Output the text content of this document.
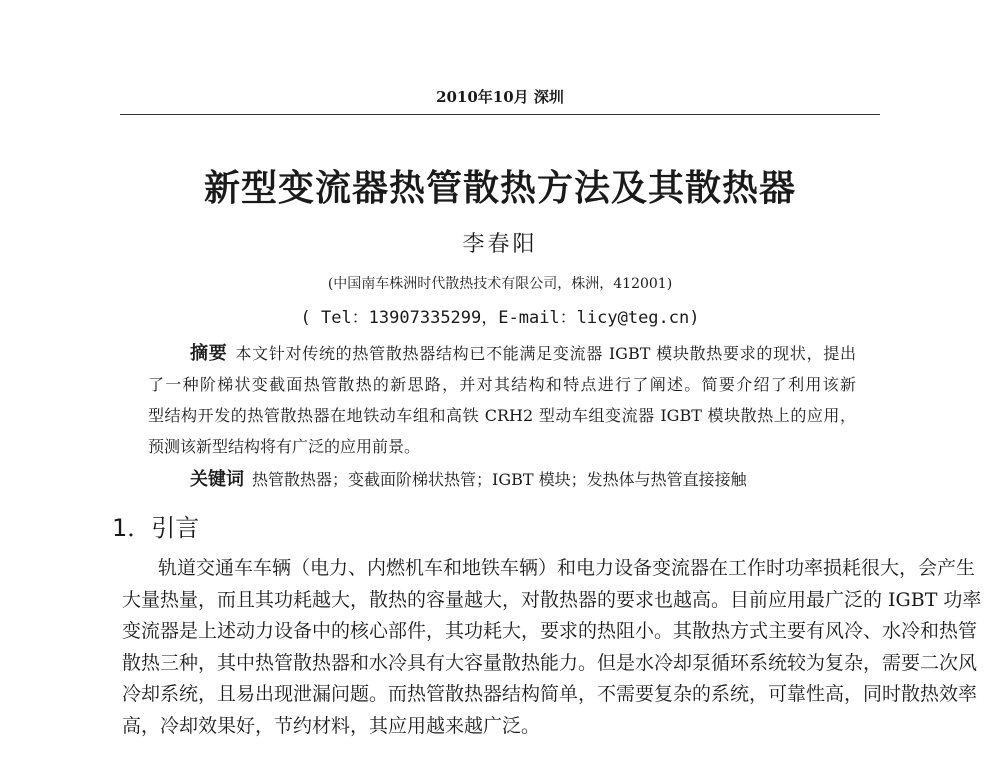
2010年10月 深圳
新型变流器热管散热方法及其散热器
李春阳
(中国南车株洲时代散热技术有限公司，株洲，412001)
( Tel：13907335299，E-mail：licy@teg.cn)
摘要 本文针对传统的热管散热器结构已不能满足变流器 IGBT 模块散热要求的现状，提出
了一种阶梯状变截面热管散热的新思路，并对其结构和特点进行了阐述。简要介绍了利用该新
型结构开发的热管散热器在地铁动车组和高铁 CRH2 型动车组变流器 IGBT 模块散热上的应用，
预测该新型结构将有广泛的应用前景。
关键词 热管散热器；变截面阶梯状热管；IGBT 模块；发热体与热管直接接触
1．引言
轨道交通车车辆（电力、内燃机车和地铁车辆）和电力设备变流器在工作时功率损耗很大，会产生
大量热量，而且其功耗越大，散热的容量越大，对散热器的要求也越高。目前应用最广泛的 IGBT 功率
变流器是上述动力设备中的核心部件，其功耗大，要求的热阻小。其散热方式主要有风冷、水冷和热管
散热三种，其中热管散热器和水冷具有大容量散热能力。但是水冷却泵循环系统较为复杂，需要二次风
冷却系统，且易出现泄漏问题。而热管散热器结构简单，不需要复杂的系统，可靠性高，同时散热效率
高，冷却效果好，节约材料，其应用越来越广泛。
